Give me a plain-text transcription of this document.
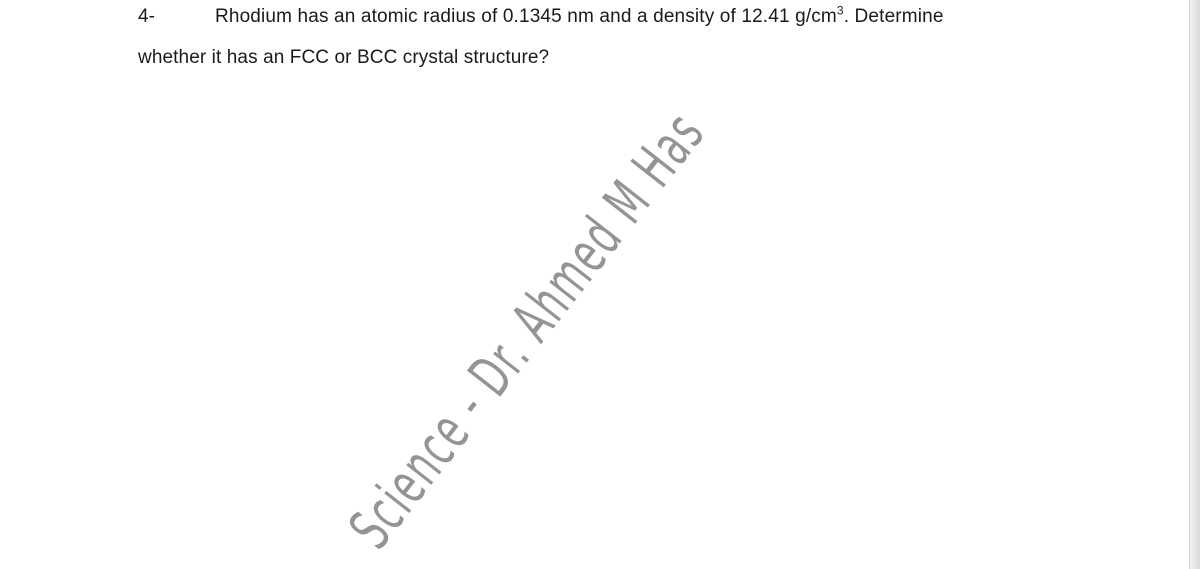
4-	Rhodium has an atomic radius of 0.1345 nm and a density of 12.41 $g/cm^3$. Determine
whether it has an FCC or BCC crystal structure?
Science - Dr. Ahmed M Has
